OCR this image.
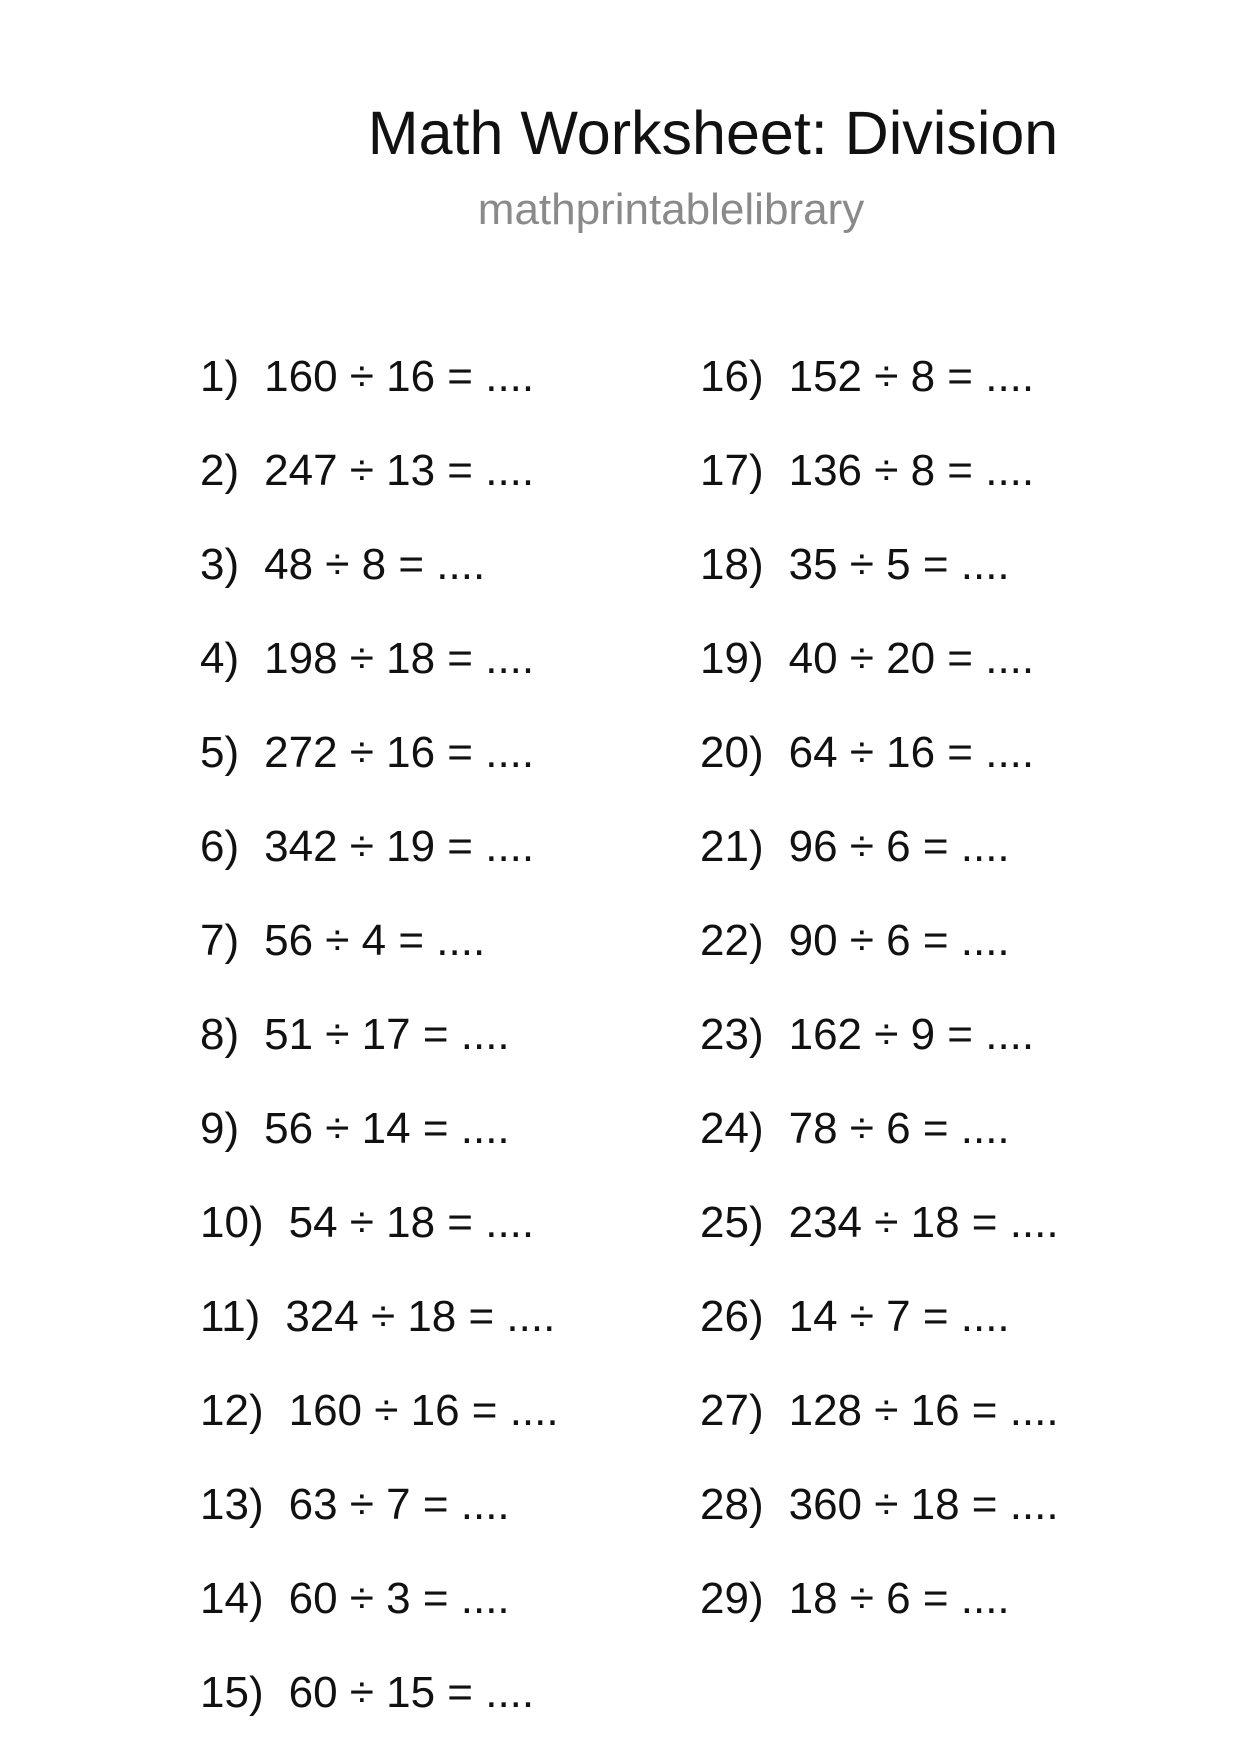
Math Worksheet: Division
mathprintablelibrary
1) 160 ÷ 16 = ....
2) 247 ÷ 13 = ....
3) 48 ÷ 8 = ....
4) 198 ÷ 18 = ....
5) 272 ÷ 16 = ....
6) 342 ÷ 19 = ....
7) 56 ÷ 4 = ....
8) 51 ÷ 17 = ....
9) 56 ÷ 14 = ....
10) 54 ÷ 18 = ....
11) 324 ÷ 18 = ....
12) 160 ÷ 16 = ....
13) 63 ÷ 7 = ....
14) 60 ÷ 3 = ....
15) 60 ÷ 15 = ....
16) 152 ÷ 8 = ....
17) 136 ÷ 8 = ....
18) 35 ÷ 5 = ....
19) 40 ÷ 20 = ....
20) 64 ÷ 16 = ....
21) 96 ÷ 6 = ....
22) 90 ÷ 6 = ....
23) 162 ÷ 9 = ....
24) 78 ÷ 6 = ....
25) 234 ÷ 18 = ....
26) 14 ÷ 7 = ....
27) 128 ÷ 16 = ....
28) 360 ÷ 18 = ....
29) 18 ÷ 6 = ....
